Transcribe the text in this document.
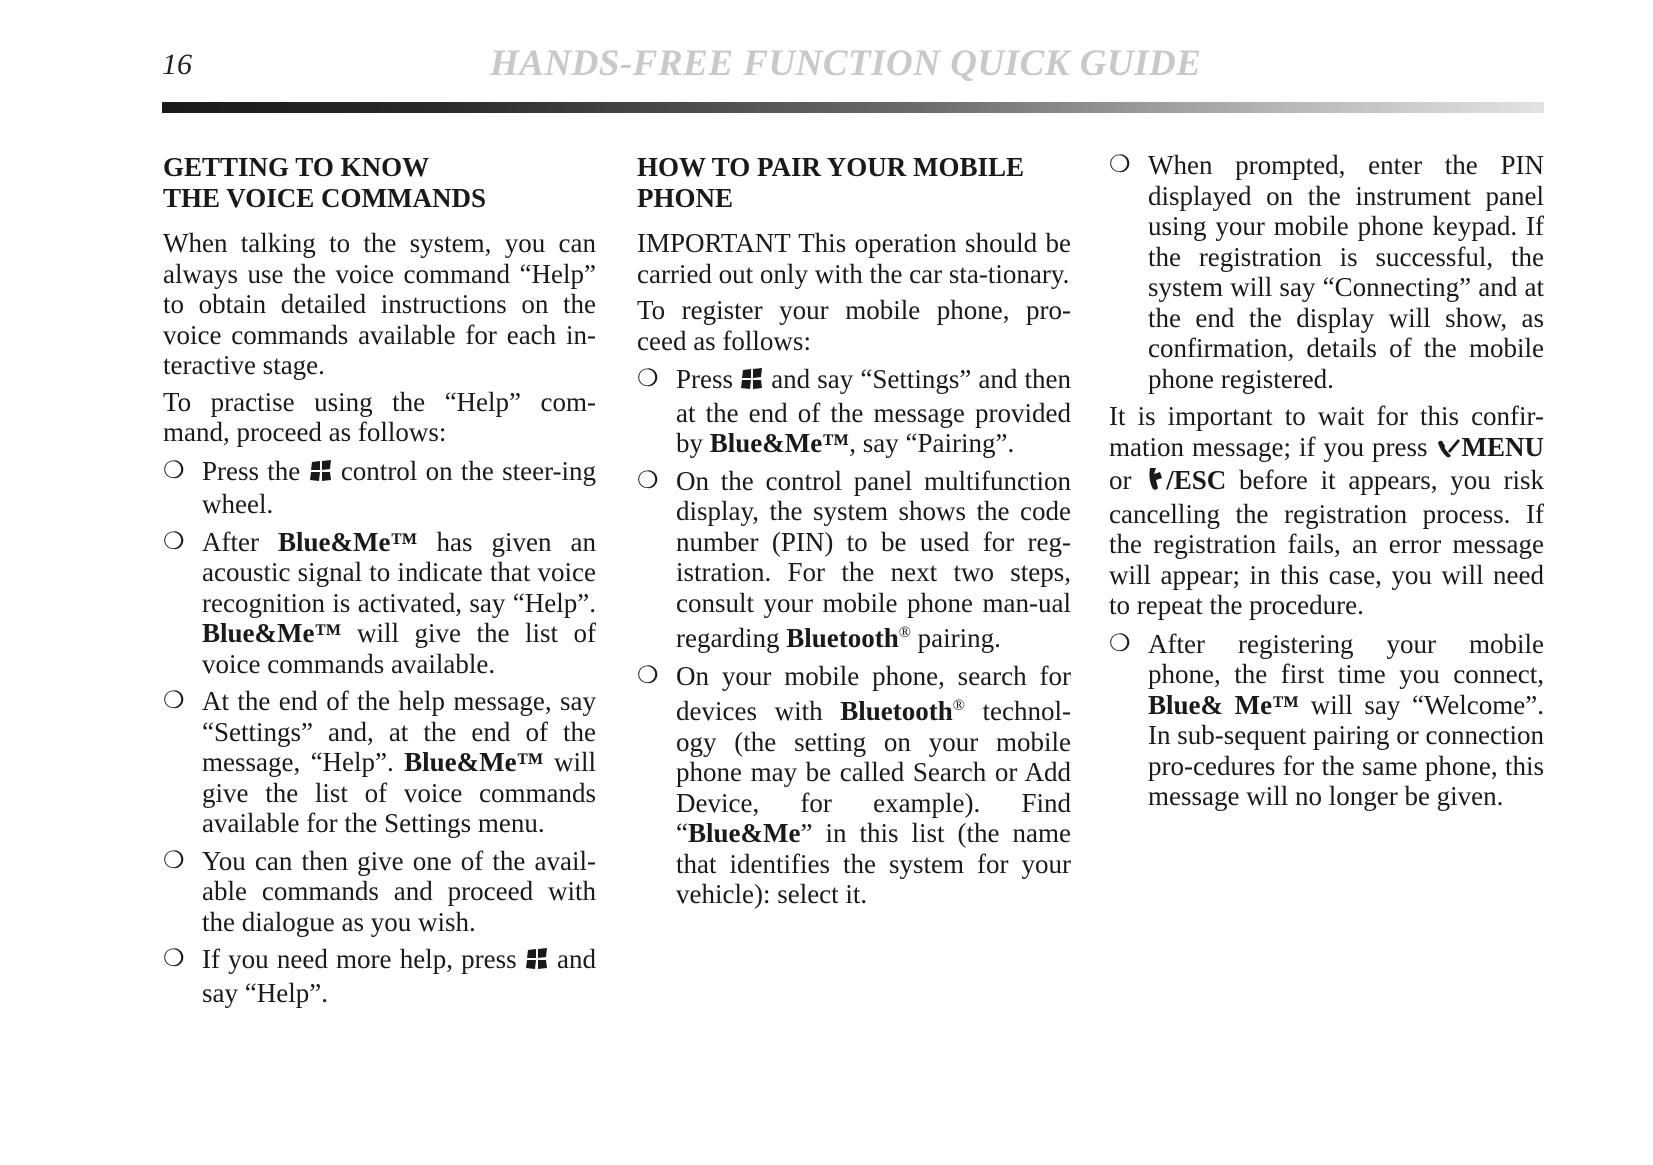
16	HANDS-FREE FUNCTION QUICK GUIDE
GETTING TO KNOW
THE VOICE COMMANDS

When talking to the system, you can always use the voice command “Help” to obtain detailed instructions on the voice commands available for each in-teractive stage.

To practise using the “Help” com-mand, proceed as follows:

❍ Press the control on the steer-ing wheel.
❍ After Blue&Me™ has given an acoustic signal to indicate that voice recognition is activated, say “Help”. Blue&Me™ will give the list of voice commands available.
❍ At the end of the help message, say “Settings” and, at the end of the message, “Help”. Blue&Me™ will give the list of voice commands available for the Settings menu.
❍ You can then give one of the avail-able commands and proceed with the dialogue as you wish.
❍ If you need more help, press and say “Help”.
HOW TO PAIR YOUR MOBILE
PHONE

IMPORTANT This operation should be carried out only with the car sta-tionary.

To register your mobile phone, pro-ceed as follows:

❍ Press and say “Settings” and then at the end of the message provided by Blue&Me™, say “Pairing”.
❍ On the control panel multifunction display, the system shows the code number (PIN) to be used for reg-istration. For the next two steps, consult your mobile phone man-ual regarding Bluetooth® pairing.
❍ On your mobile phone, search for devices with Bluetooth® technol-ogy (the setting on your mobile phone may be called Search or Add Device, for example). Find “Blue&Me” in this list (the name that identifies the system for your vehicle): select it.
❍ When prompted, enter the PIN displayed on the instrument panel using your mobile phone keypad. If the registration is successful, the system will say “Connecting” and at the end the display will show, as confirmation, details of the mobile phone registered.

It is important to wait for this confir-mation message; if you press MENU or /ESC before it appears, you risk cancelling the registration process. If the registration fails, an error message will appear; in this case, you will need to repeat the procedure.

❍ After registering your mobile phone, the first time you connect, Blue& Me™ will say “Welcome”. In sub-sequent pairing or connection pro-cedures for the same phone, this message will no longer be given.
